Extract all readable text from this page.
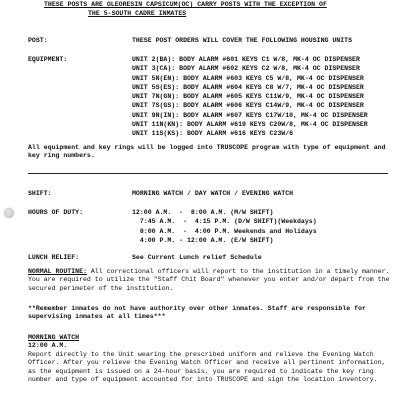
THESE POSTS ARE OLEORESIN CAPSICUM(OC) CARRY POSTS WITH THE EXCEPTION OF
THE 5-SOUTH CADRE INMATES
POST:	THESE POST ORDERS WILL COVER THE FOLLOWING HOUSING UNITS
EQUIPMENT:	UNIT 2(BA): BODY ALARM #601 KEYS C1 W/8, MK-4 OC DISPENSER
UNIT 3(CA): BODY ALARM #602 KEYS C2 W/8, MK-4 OC DISPENSER
UNIT 5N(EN): BODY ALARM #603 KEYS C5 W/8, MK-4 OC DISPENSER
UNIT 5S(ES): BODY ALARM #604 KEYS C8 W/7, MK-4 OC DISPENSER
UNIT 7N(GN): BODY ALARM #605 KEYS C11W/9, MK-4 OC DISPENSER
UNIT 7S(GS): BODY ALARM #606 KEYS C14W/9, MK-4 OC DISPENSER
UNIT 9N(IN): BODY ALARM #607 KEYS C17W/10, MK-4 OC DISPENSER
UNIT 11N(KN): BODY ALARM #619 KEYS C20W/8, MK-4 OC DISPENSER
UNIT 11S(KS): BODY ALARM #616 KEYS C23W/6
All equipment and key rings will be logged into TRUSCOPE program with type of equipment and key ring numbers.
SHIFT:	MORNING WATCH / DAY WATCH / EVENING WATCH
HOURS OF DUTY:	12:00 A.M.  -  8:00 A.M. (M/W SHIFT)
7:45 A.M.  -  4:15 P.M. (D/W SHIFT)(Weekdays)
8:00 A.M.  -  4:00 P.M. Weekends and Holidays
4:00 P.M. - 12:00 A.M. (E/W SHIFT)
LUNCH RELIEF:	See Current Lunch relief Schedule
NORMAL ROUTINE: All correctional officers will report to the institution in a timely manner. You are required to utilize the "Staff Chit Board" whenever you enter and/or depart from the secured perimeter of the institution.
**Remember inmates do not have authority over other inmates. Staff are responsible for supervising inmates at all times***
MORNING WATCH
12:00 A.M.
Report directly to the Unit wearing the prescribed uniform and relieve the Evening Watch Officer. After you relieve the Evening Watch Officer and receive all pertinent information, as the equipment is issued on a 24-hour basis, you are required to indicate the key ring number and type of equipment accounted for into TRUSCOPE and sign the location inventory.
